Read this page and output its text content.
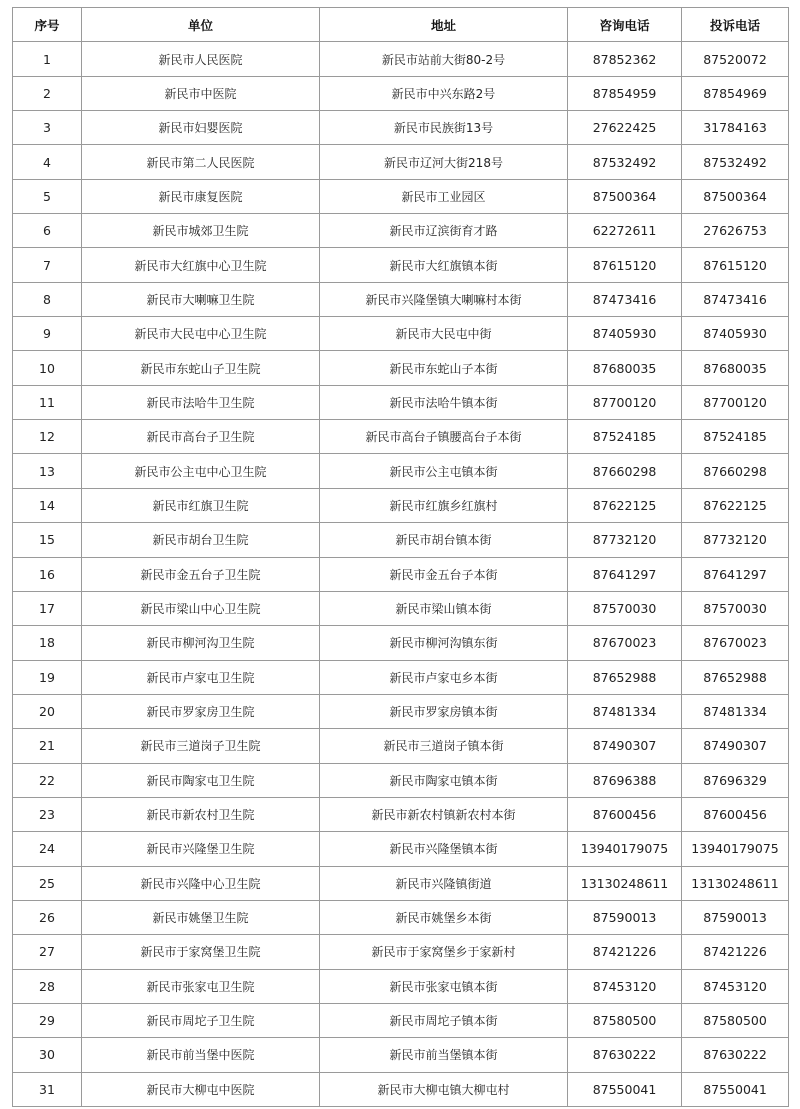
序号	单位	地址	咨询电话	投诉电话
1	新民市人民医院	新民市站前大街80-2号	87852362	87520072
2	新民市中医院	新民市中兴东路2号	87854959	87854969
3	新民市妇婴医院	新民市民族街13号	27622425	31784163
4	新民市第二人民医院	新民市辽河大街218号	87532492	87532492
5	新民市康复医院	新民市工业园区	87500364	87500364
6	新民市城郊卫生院	新民市辽滨街育才路	62272611	27626753
7	新民市大红旗中心卫生院	新民市大红旗镇本街	87615120	87615120
8	新民市大喇嘛卫生院	新民市兴隆堡镇大喇嘛村本街	87473416	87473416
9	新民市大民屯中心卫生院	新民市大民屯中街	87405930	87405930
10	新民市东蛇山子卫生院	新民市东蛇山子本街	87680035	87680035
11	新民市法哈牛卫生院	新民市法哈牛镇本街	87700120	87700120
12	新民市高台子卫生院	新民市高台子镇腰高台子本街	87524185	87524185
13	新民市公主屯中心卫生院	新民市公主屯镇本街	87660298	87660298
14	新民市红旗卫生院	新民市红旗乡红旗村	87622125	87622125
15	新民市胡台卫生院	新民市胡台镇本街	87732120	87732120
16	新民市金五台子卫生院	新民市金五台子本街	87641297	87641297
17	新民市梁山中心卫生院	新民市梁山镇本街	87570030	87570030
18	新民市柳河沟卫生院	新民市柳河沟镇东街	87670023	87670023
19	新民市卢家屯卫生院	新民市卢家屯乡本街	87652988	87652988
20	新民市罗家房卫生院	新民市罗家房镇本街	87481334	87481334
21	新民市三道岗子卫生院	新民市三道岗子镇本街	87490307	87490307
22	新民市陶家屯卫生院	新民市陶家屯镇本街	87696388	87696329
23	新民市新农村卫生院	新民市新农村镇新农村本街	87600456	87600456
24	新民市兴隆堡卫生院	新民市兴隆堡镇本街	13940179075	13940179075
25	新民市兴隆中心卫生院	新民市兴隆镇街道	13130248611	13130248611
26	新民市姚堡卫生院	新民市姚堡乡本街	87590013	87590013
27	新民市于家窝堡卫生院	新民市于家窝堡乡于家新村	87421226	87421226
28	新民市张家屯卫生院	新民市张家屯镇本街	87453120	87453120
29	新民市周坨子卫生院	新民市周坨子镇本街	87580500	87580500
30	新民市前当堡中医院	新民市前当堡镇本街	87630222	87630222
31	新民市大柳屯中医院	新民市大柳屯镇大柳屯村	87550041	87550041
